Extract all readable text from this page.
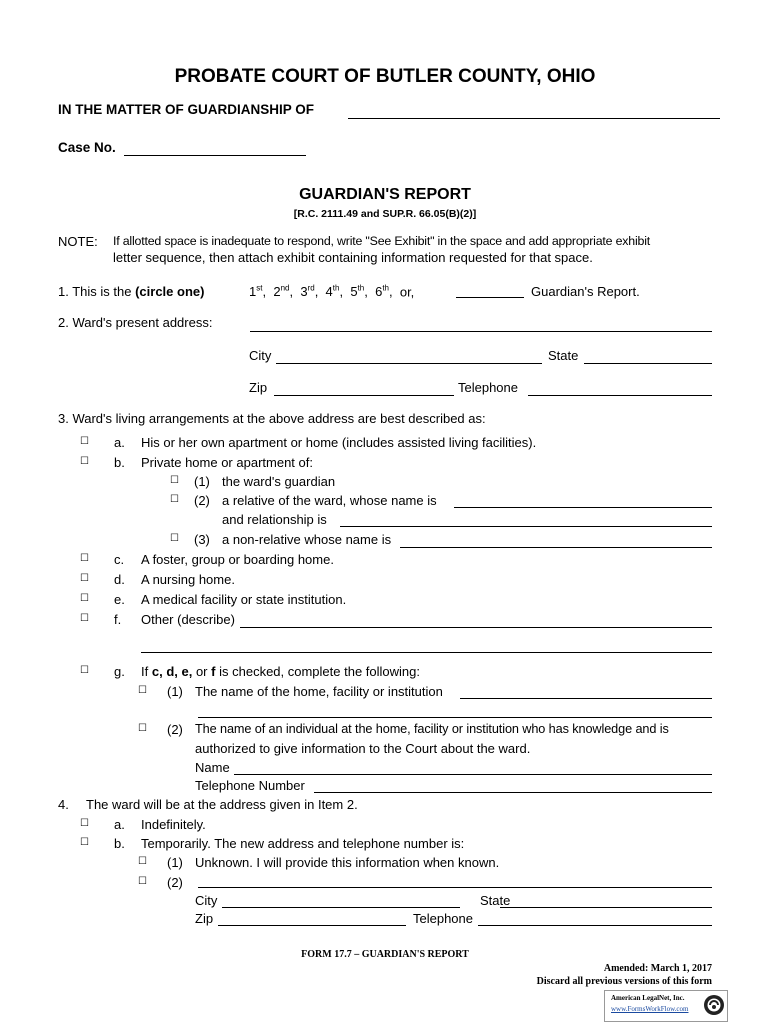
PROBATE COURT OF BUTLER COUNTY, OHIO
IN THE MATTER OF GUARDIANSHIP OF
Case No.
GUARDIAN'S REPORT
[R.C. 2111.49 and SUP.R. 66.05(B)(2)]
NOTE: If allotted space is inadequate to respond, write "See Exhibit" in the space and add appropriate exhibit
letter sequence, then attach exhibit containing information requested for that space.
1. This is the (circle one)	1st, 2nd, 3rd, 4th, 5th, 6th, or,	Guardian's Report.
2. Ward's present address:
City	State
Zip	Telephone
3. Ward's living arrangements at the above address are best described as:
☐ a. His or her own apartment or home (includes assisted living facilities).
☐ b. Private home or apartment of:
☐ (1) the ward's guardian
☐ (2) a relative of the ward, whose name is
and relationship is
☐ (3) a non-relative whose name is
☐ c. A foster, group or boarding home.
☐ d. A nursing home.
☐ e. A medical facility or state institution.
☐ f. Other (describe)
☐ g. If c, d, e, or f is checked, complete the following:
☐ (1) The name of the home, facility or institution
☐ (2) The name of an individual at the home, facility or institution who has knowledge and is
authorized to give information to the Court about the ward.
Name
Telephone Number
4. The ward will be at the address given in Item 2.
☐ a. Indefinitely.
☐ b. Temporarily. The new address and telephone number is:
☐ (1) Unknown. I will provide this information when known.
☐ (2)
City	State
Zip	Telephone
FORM 17.7 – GUARDIAN'S REPORT
Amended: March 1, 2017
Discard all previous versions of this form
American LegalNet, Inc.
www.FormsWorkFlow.com
